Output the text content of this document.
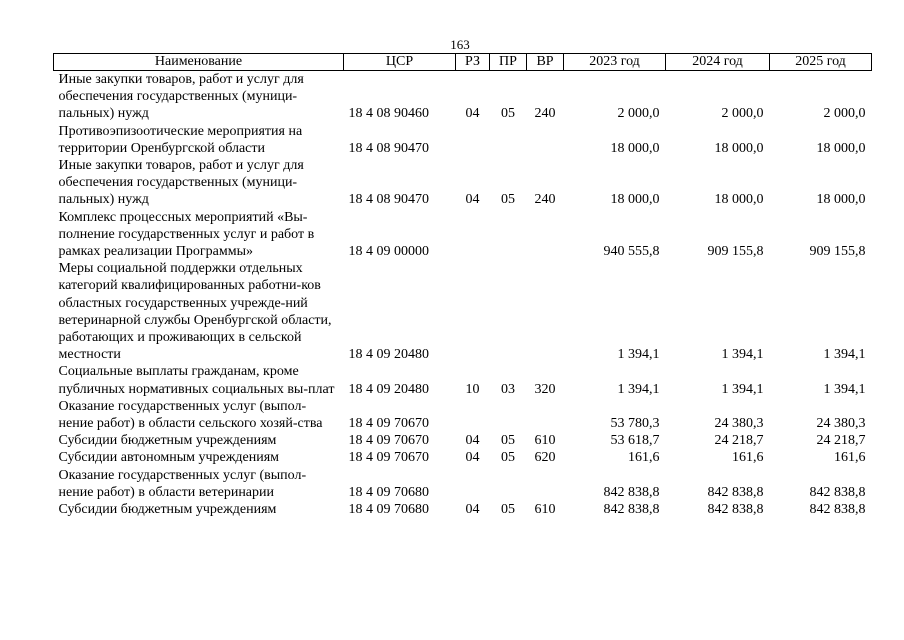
163
Наименование	ЦСР	РЗ	ПР	ВР	2023 год	2024 год	2025 год
Иные закупки товаров, работ и услуг для обеспечения государственных (муници-пальных) нужд	18 4 08 90460	04	05	240	2 000,0	2 000,0	2 000,0
Противоэпизоотические мероприятия на территории Оренбургской области	18 4 08 90470				18 000,0	18 000,0	18 000,0
Иные закупки товаров, работ и услуг для обеспечения государственных (муници-пальных) нужд	18 4 08 90470	04	05	240	18 000,0	18 000,0	18 000,0
Комплекс процессных мероприятий «Вы-полнение государственных услуг и работ в рамках реализации Программы»	18 4 09 00000				940 555,8	909 155,8	909 155,8
Меры социальной поддержки отдельных категорий квалифицированных работни-ков областных государственных учрежде-ний ветеринарной службы Оренбургской области, работающих и проживающих в сельской местности	18 4 09 20480				1 394,1	1 394,1	1 394,1
Социальные выплаты гражданам, кроме публичных нормативных социальных вы-плат	18 4 09 20480	10	03	320	1 394,1	1 394,1	1 394,1
Оказание государственных услуг (выпол-нение работ) в области сельского хозяй-ства	18 4 09 70670				53 780,3	24 380,3	24 380,3
Субсидии бюджетным учреждениям	18 4 09 70670	04	05	610	53 618,7	24 218,7	24 218,7
Субсидии автономным учреждениям	18 4 09 70670	04	05	620	161,6	161,6	161,6
Оказание государственных услуг (выпол-нение работ) в области ветеринарии	18 4 09 70680				842 838,8	842 838,8	842 838,8
Субсидии бюджетным учреждениям	18 4 09 70680	04	05	610	842 838,8	842 838,8	842 838,8
